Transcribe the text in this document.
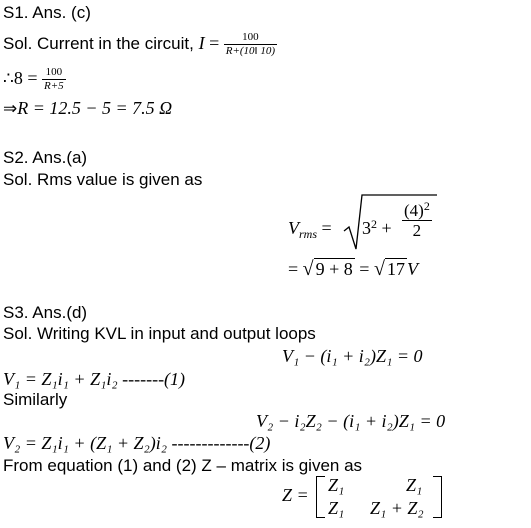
S1. Ans. (c)
Sol. Current in the circuit, $I = \frac{100}{R+(10‖ 10)}$
∴8 = $\frac{100}{R+5}$
⇒R = 12.5 − 5 = 7.5 Ω
S2. Ans.(a)
Sol. Rms value is given as
$V_{rms} = 3^2 + \frac{(4)^2}{2}$
= √ 9 + 8 = √ 17 V
S3. Ans.(d)
Sol. Writing KVL in input and output loops
V₁ − (i₁ + i₂)Z₁ = 0
V₁ = Z₁i₁ + Z₁i₂ -------(1)
Similarly
V₂ − i₂Z₂ − (i₁ + i₂)Z₁ = 0
V₂ = Z₁i₁ + (Z₁ + Z₂)i₂ -------------(2)
From equation (1) and (2) Z – matrix is given as
Z = Z₁	Z₁
Z₁ Z₁ + Z₂
